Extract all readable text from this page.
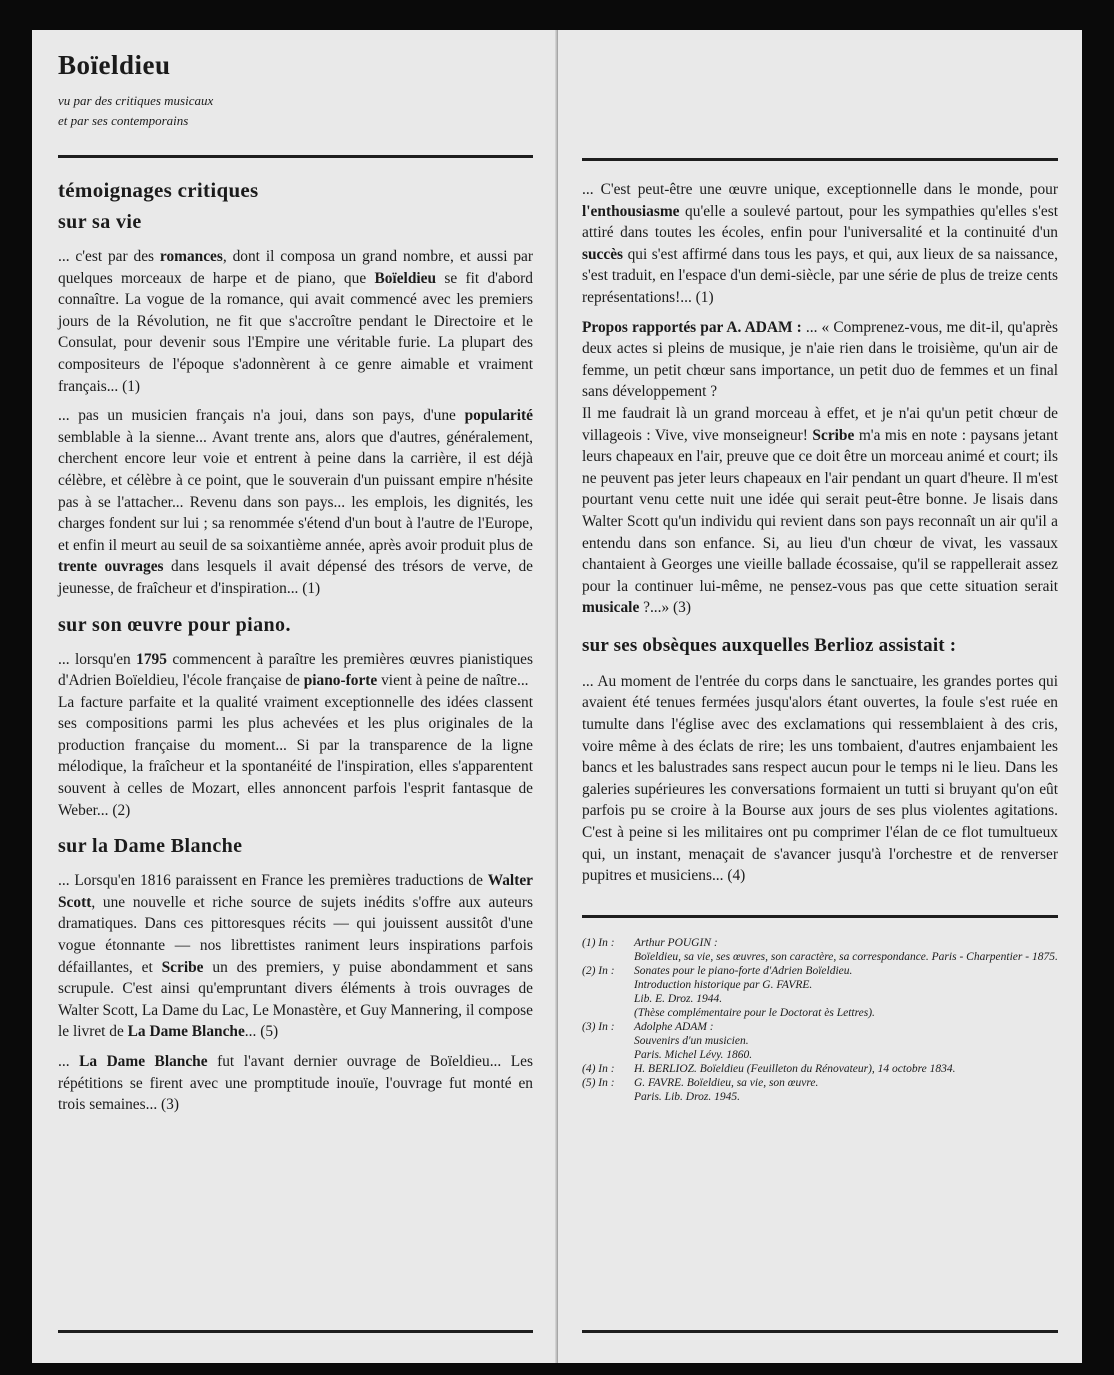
Boïeldieu
vu par des critiques musicaux
et par ses contemporains
témoignages critiques
sur sa vie

... c'est par des romances, dont il composa un grand nombre, et aussi par quelques morceaux de harpe et de piano, que Boïeldieu se fit d'abord connaître. La vogue de la romance, qui avait commencé avec les premiers jours de la Révolution, ne fit que s'accroître pendant le Directoire et le Consulat, pour devenir sous l'Empire une véritable furie. La plupart des compositeurs de l'époque s'adonnèrent à ce genre aimable et vraiment français... (1)

... pas un musicien français n'a joui, dans son pays, d'une popularité semblable à la sienne... Avant trente ans, alors que d'autres, généralement, cherchent encore leur voie et entrent à peine dans la carrière, il est déjà célèbre, et célèbre à ce point, que le souverain d'un puissant empire n'hésite pas à se l'attacher... Revenu dans son pays... les emplois, les dignités, les charges fondent sur lui ; sa renommée s'étend d'un bout à l'autre de l'Europe, et enfin il meurt au seuil de sa soixantième année, après avoir produit plus de trente ouvrages dans lesquels il avait dépensé des trésors de verve, de jeunesse, de fraîcheur et d'inspiration... (1)

sur son œuvre pour piano.

... lorsqu'en 1795 commencent à paraître les premières œuvres pianistiques d'Adrien Boïeldieu, l'école française de piano-forte vient à peine de naître...
La facture parfaite et la qualité vraiment exceptionnelle des idées classent ses compositions parmi les plus achevées et les plus originales de la production française du moment... Si par la transparence de la ligne mélodique, la fraîcheur et la spontanéité de l'inspiration, elles s'apparentent souvent à celles de Mozart, elles annoncent parfois l'esprit fantasque de Weber... (2)

sur la Dame Blanche

... Lorsqu'en 1816 paraissent en France les premières traductions de Walter Scott, une nouvelle et riche source de sujets inédits s'offre aux auteurs dramatiques. Dans ces pittoresques récits — qui jouissent aussitôt d'une vogue étonnante — nos librettistes raniment leurs inspirations parfois défaillantes, et Scribe un des premiers, y puise abondamment et sans scrupule. C'est ainsi qu'empruntant divers éléments à trois ouvrages de Walter Scott, La Dame du Lac, Le Monastère, et Guy Mannering, il compose le livret de La Dame Blanche... (5)

... La Dame Blanche fut l'avant dernier ouvrage de Boïeldieu... Les répétitions se firent avec une promptitude inouïe, l'ouvrage fut monté en trois semaines... (3)

... C'est peut-être une œuvre unique, exceptionnelle dans le monde, pour l'enthousiasme qu'elle a soulevé partout, pour les sympathies qu'elles s'est attiré dans toutes les écoles, enfin pour l'universalité et la continuité d'un succès qui s'est affirmé dans tous les pays, et qui, aux lieux de sa naissance, s'est traduit, en l'espace d'un demi-siècle, par une série de plus de treize cents représentations!... (1)

Propos rapportés par A. ADAM : ... « Comprenez-vous, me dit-il, qu'après deux actes si pleins de musique, je n'aie rien dans le troisième, qu'un air de femme, un petit chœur sans importance, un petit duo de femmes et un final sans développement ?
Il me faudrait là un grand morceau à effet, et je n'ai qu'un petit chœur de villageois : Vive, vive monseigneur! Scribe m'a mis en note : paysans jetant leurs chapeaux en l'air, preuve que ce doit être un morceau animé et court; ils ne peuvent pas jeter leurs chapeaux en l'air pendant un quart d'heure. Il m'est pourtant venu cette nuit une idée qui serait peut-être bonne. Je lisais dans Walter Scott qu'un individu qui revient dans son pays reconnaît un air qu'il a entendu dans son enfance. Si, au lieu d'un chœur de vivat, les vassaux chantaient à Georges une vieille ballade écossaise, qu'il se rappellerait assez pour la continuer lui-même, ne pensez-vous pas que cette situation serait musicale ?...» (3)

sur ses obsèques auxquelles Berlioz assistait :

... Au moment de l'entrée du corps dans le sanctuaire, les grandes portes qui avaient été tenues fermées jusqu'alors étant ouvertes, la foule s'est ruée en tumulte dans l'église avec des exclamations qui ressemblaient à des cris, voire même à des éclats de rire; les uns tombaient, d'autres enjambaient les bancs et les balustrades sans respect aucun pour le temps ni le lieu. Dans les galeries supérieures les conversations formaient un tutti si bruyant qu'on eût parfois pu se croire à la Bourse aux jours de ses plus violentes agitations. C'est à peine si les militaires ont pu comprimer l'élan de ce flot tumultueux qui, un instant, menaçait de s'avancer jusqu'à l'orchestre et de renverser pupitres et musiciens... (4)

(1) In :	Arthur POUGIN :
Boïeldieu, sa vie, ses œuvres, son caractère, sa correspondance. Paris - Charpentier - 1875.
(2) In :	Sonates pour le piano-forte d'Adrien Boïeldieu.
Introduction historique par G. FAVRE.
Lib. E. Droz. 1944.
(Thèse complémentaire pour le Doctorat ès Lettres).
(3) In :	Adolphe ADAM :
Souvenirs d'un musicien.
Paris. Michel Lévy. 1860.
(4) In :	H. BERLIOZ. Boïeldieu (Feuilleton du Rénovateur), 14 octobre 1834.
(5) In :	G. FAVRE. Boïeldieu, sa vie, son œuvre.
Paris. Lib. Droz. 1945.
